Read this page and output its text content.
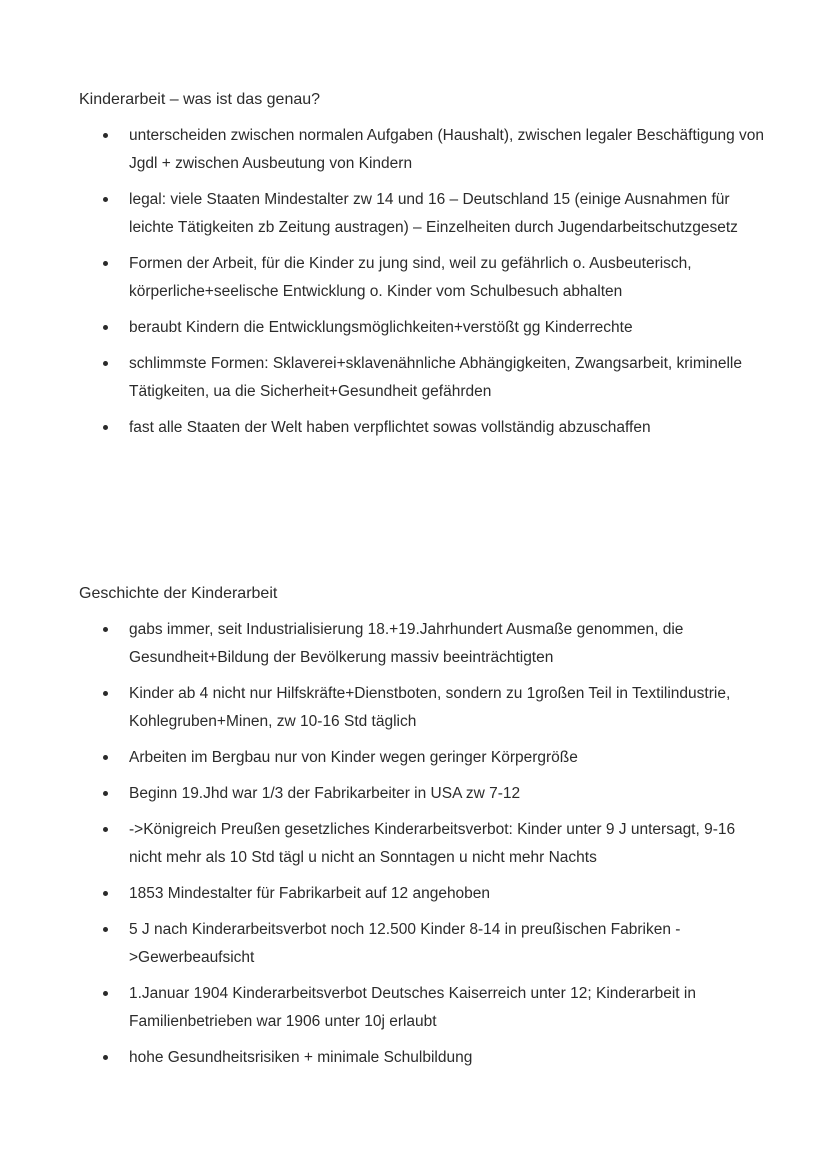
Kinderarbeit – was ist das genau?
unterscheiden zwischen normalen Aufgaben (Haushalt), zwischen legaler Beschäftigung von Jgdl + zwischen Ausbeutung von Kindern
legal: viele Staaten Mindestalter zw 14 und 16 – Deutschland 15 (einige Ausnahmen für leichte Tätigkeiten zb Zeitung austragen) – Einzelheiten durch Jugendarbeitschutzgesetz
Formen der Arbeit, für die Kinder zu jung sind, weil zu gefährlich o. Ausbeuterisch, körperliche+seelische Entwicklung o. Kinder vom Schulbesuch abhalten
beraubt Kindern die Entwicklungsmöglichkeiten+verstößt gg Kinderrechte
schlimmste Formen: Sklaverei+sklavenähnliche Abhängigkeiten, Zwangsarbeit, kriminelle Tätigkeiten, ua die Sicherheit+Gesundheit gefährden
fast alle Staaten der Welt haben verpflichtet sowas vollständig abzuschaffen
Geschichte der Kinderarbeit
gabs immer, seit Industrialisierung 18.+19.Jahrhundert Ausmaße genommen, die Gesundheit+Bildung der Bevölkerung massiv beeinträchtigten
Kinder ab 4 nicht nur Hilfskräfte+Dienstboten, sondern zu 1großen Teil in Textilindustrie, Kohlegruben+Minen, zw 10-16 Std täglich
Arbeiten im Bergbau nur von Kinder wegen geringer Körpergröße
Beginn 19.Jhd war 1/3 der Fabrikarbeiter in USA zw 7-12
->Königreich Preußen gesetzliches Kinderarbeitsverbot: Kinder unter 9 J untersagt, 9-16 nicht mehr als 10 Std tägl u nicht an Sonntagen u nicht mehr Nachts
1853 Mindestalter für Fabrikarbeit auf 12 angehoben
5 J nach Kinderarbeitsverbot noch 12.500 Kinder 8-14 in preußischen Fabriken ->Gewerbeaufsicht
1.Januar 1904 Kinderarbeitsverbot Deutsches Kaiserreich unter 12; Kinderarbeit in Familienbetrieben war 1906 unter 10j erlaubt
hohe Gesundheitsrisiken + minimale Schulbildung
